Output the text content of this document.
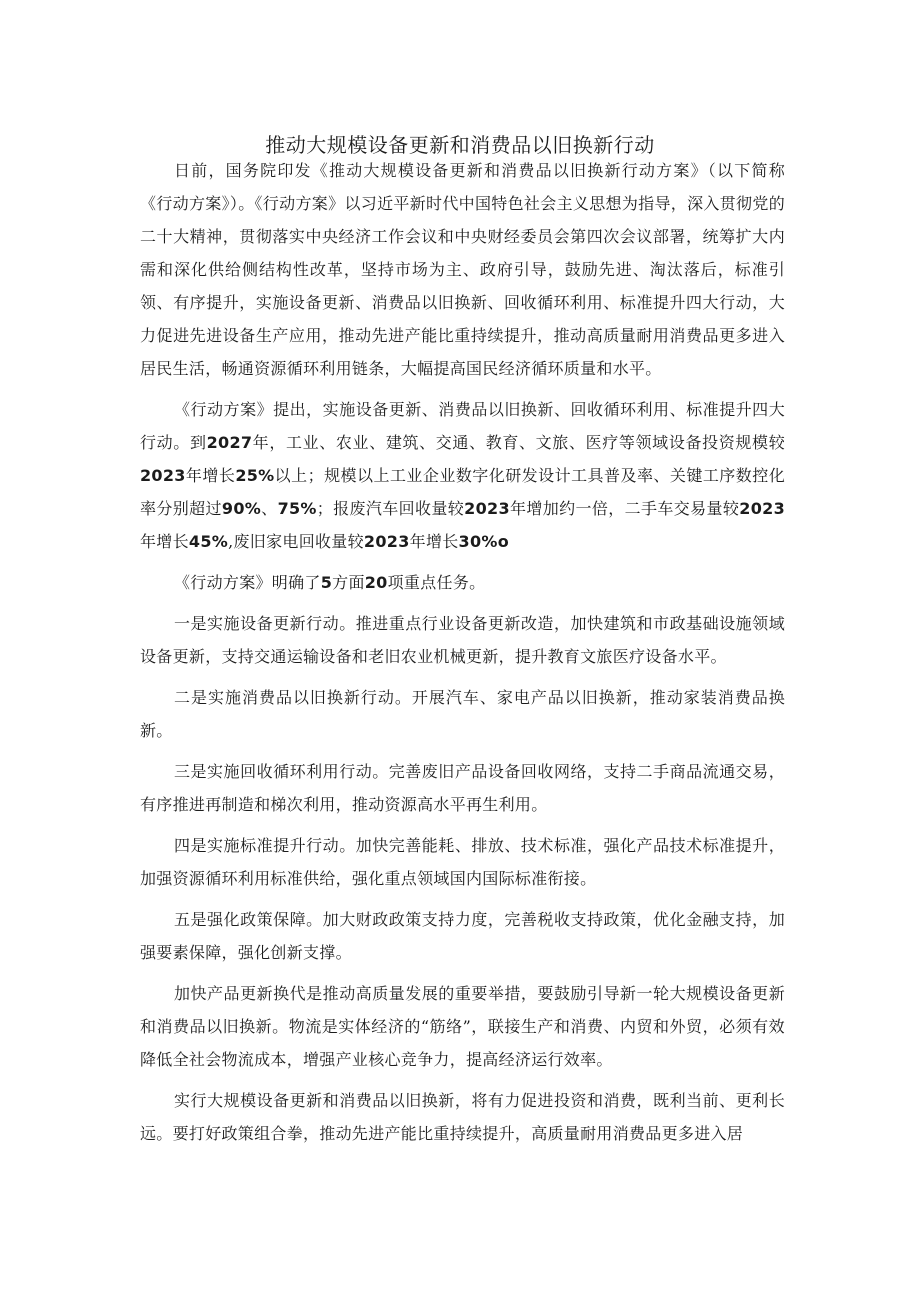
推动大规模设备更新和消费品以旧换新行动

日前，国务院印发《推动大规模设备更新和消费品以旧换新行动方案》（以下简称《行动方案》）。《行动方案》以习近平新时代中国特色社会主义思想为指导，深入贯彻党的二十大精神，贯彻落实中央经济工作会议和中央财经委员会第四次会议部署，统筹扩大内需和深化供给侧结构性改革，坚持市场为主、政府引导，鼓励先进、淘汰落后，标准引领、有序提升，实施设备更新、消费品以旧换新、回收循环利用、标准提升四大行动，大力促进先进设备生产应用，推动先进产能比重持续提升，推动高质量耐用消费品更多进入居民生活，畅通资源循环利用链条，大幅提高国民经济循环质量和水平。

《行动方案》提出，实施设备更新、消费品以旧换新、回收循环利用、标准提升四大行动。到2027年，工业、农业、建筑、交通、教育、文旅、医疗等领域设备投资规模较2023年增长25%以上；规模以上工业企业数字化研发设计工具普及率、关键工序数控化率分别超过90%、75%；报废汽车回收量较2023年增加约一倍，二手车交易量较2023年增长45%,废旧家电回收量较2023年增长30%o

《行动方案》明确了5方面20项重点任务。

一是实施设备更新行动。推进重点行业设备更新改造，加快建筑和市政基础设施领域设备更新，支持交通运输设备和老旧农业机械更新，提升教育文旅医疗设备水平。

二是实施消费品以旧换新行动。开展汽车、家电产品以旧换新，推动家装消费品换新。

三是实施回收循环利用行动。完善废旧产品设备回收网络，支持二手商品流通交易，有序推进再制造和梯次利用，推动资源高水平再生利用。

四是实施标准提升行动。加快完善能耗、排放、技术标准，强化产品技术标准提升，加强资源循环利用标准供给，强化重点领域国内国际标准衔接。

五是强化政策保障。加大财政政策支持力度，完善税收支持政策，优化金融支持，加强要素保障，强化创新支撑。

加快产品更新换代是推动高质量发展的重要举措，要鼓励引导新一轮大规模设备更新和消费品以旧换新。物流是实体经济的“筋络”，联接生产和消费、内贸和外贸，必须有效降低全社会物流成本，增强产业核心竞争力，提高经济运行效率。

实行大规模设备更新和消费品以旧换新，将有力促进投资和消费，既利当前、更利长远。要打好政策组合拳，推动先进产能比重持续提升，高质量耐用消费品更多进入居
